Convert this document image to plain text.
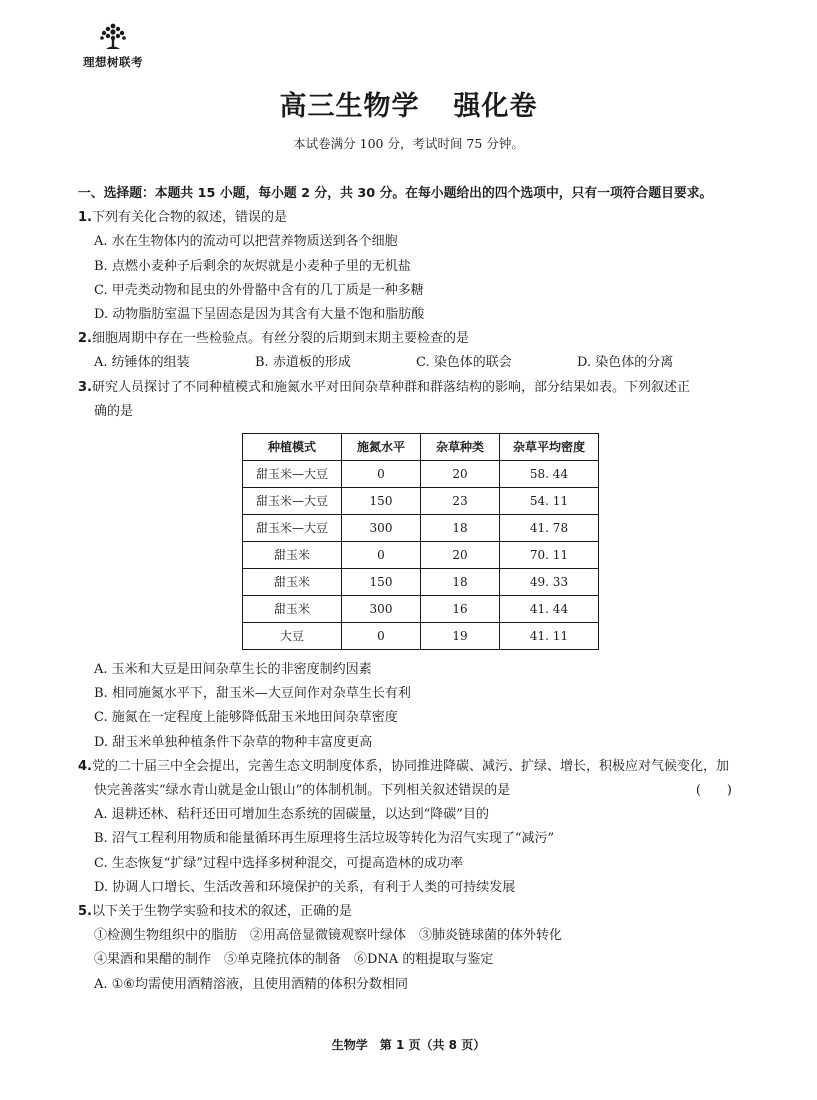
理想树联考
高三生物学 强化卷
本试卷满分 100 分，考试时间 75 分钟。
一、选择题：本题共 15 小题，每小题 2 分，共 30 分。在每小题给出的四个选项中，只有一项符合题目要求。
1.下列有关化合物的叙述，错误的是
A. 水在生物体内的流动可以把营养物质送到各个细胞
B. 点燃小麦种子后剩余的灰烬就是小麦种子里的无机盐
C. 甲壳类动物和昆虫的外骨骼中含有的几丁质是一种多糖
D. 动物脂肪室温下呈固态是因为其含有大量不饱和脂肪酸
2.细胞周期中存在一些检验点。有丝分裂的后期到末期主要检查的是
A. 纺锤体的组装	B. 赤道板的形成	C. 染色体的联会	D. 染色体的分离
3.研究人员探讨了不同种植模式和施氮水平对田间杂草种群和群落结构的影响，部分结果如表。下列叙述正
确的是
种植模式	施氮水平	杂草种类	杂草平均密度
甜玉米—大豆	0	20	58. 44
甜玉米—大豆	150	23	54. 11
甜玉米—大豆	300	18	41. 78
甜玉米	0	20	70. 11
甜玉米	150	18	49. 33
甜玉米	300	16	41. 44
大豆	0	19	41. 11
A. 玉米和大豆是田间杂草生长的非密度制约因素
B. 相同施氮水平下，甜玉米—大豆间作对杂草生长有利
C. 施氮在一定程度上能够降低甜玉米地田间杂草密度
D. 甜玉米单独种植条件下杂草的物种丰富度更高
4.党的二十届三中全会提出，完善生态文明制度体系，协同推进降碳、减污、扩绿、增长，积极应对气候变化，加
快完善落实“绿水青山就是金山银山”的体制机制。下列相关叙述错误的是	(　　)
A. 退耕还林、秸秆还田可增加生态系统的固碳量，以达到“降碳”目的
B. 沼气工程利用物质和能量循环再生原理将生活垃圾等转化为沼气实现了“减污”
C. 生态恢复“扩绿”过程中选择多树种混交，可提高造林的成功率
D. 协调人口增长、生活改善和环境保护的关系，有利于人类的可持续发展
5.以下关于生物学实验和技术的叙述，正确的是
①检测生物组织中的脂肪　②用高倍显微镜观察叶绿体　③肺炎链球菌的体外转化
④果酒和果醋的制作　⑤单克隆抗体的制备　⑥DNA 的粗提取与鉴定
A. ①⑥均需使用酒精溶液，且使用酒精的体积分数相同
生物学　第 1 页（共 8 页）
